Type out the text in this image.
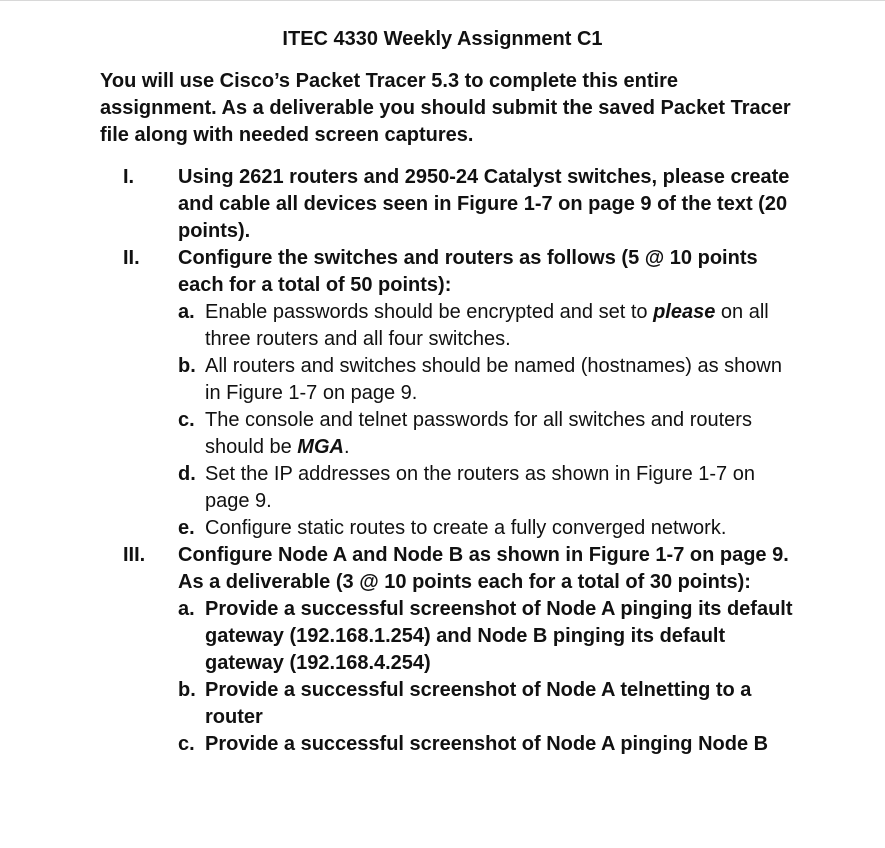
ITEC 4330 Weekly Assignment C1
You will use Cisco’s Packet Tracer 5.3 to complete this entire assignment. As a deliverable you should submit the saved Packet Tracer file along with needed screen captures.
I. Using 2621 routers and 2950-24 Catalyst switches, please create and cable all devices seen in Figure 1-7 on page 9 of the text (20 points).
II. Configure the switches and routers as follows (5 @ 10 points each for a total of 50 points):
a. Enable passwords should be encrypted and set to please on all three routers and all four switches.
b. All routers and switches should be named (hostnames) as shown in Figure 1-7 on page 9.
c. The console and telnet passwords for all switches and routers should be MGA.
d. Set the IP addresses on the routers as shown in Figure 1-7 on page 9.
e. Configure static routes to create a fully converged network.
III. Configure Node A and Node B as shown in Figure 1-7 on page 9. As a deliverable (3 @ 10 points each for a total of 30 points):
a. Provide a successful screenshot of Node A pinging its default gateway (192.168.1.254) and Node B pinging its default gateway (192.168.4.254)
b. Provide a successful screenshot of Node A telnetting to a router
c. Provide a successful screenshot of Node A pinging Node B
